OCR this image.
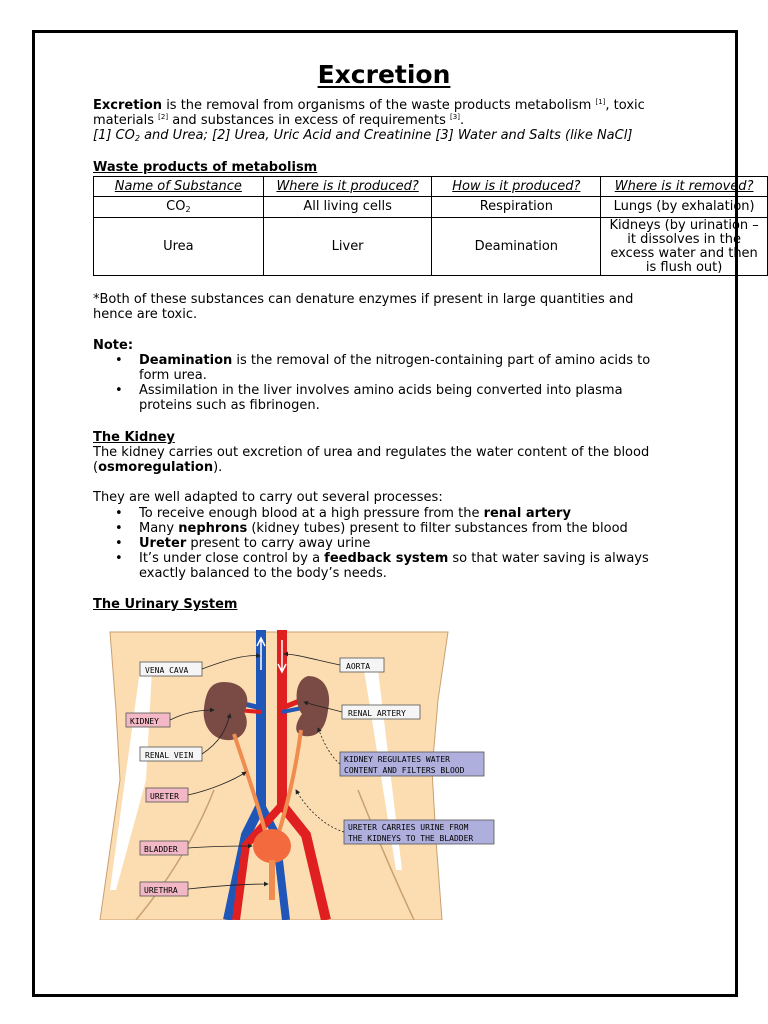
Excretion

Excretion is the removal from organisms of the waste products metabolism [1], toxic

materials [2] and substances in excess of requirements [3].

[1] $CO_2$ and Urea; [2] Urea, Uric Acid and Creatinine [3] Water and Salts (like NaCl]

Waste products of metabolism

Name of Substance	Where is it produced?	How is it produced?	Where is it removed?
$CO_2$	All living cells	Respiration	Lungs (by exhalation)
Urea	Liver	Deamination	Kidneys (by urination – it dissolves in the excess water and then is flush out)

*Both of these substances can denature enzymes if present in large quantities and

hence are toxic.

Note:

• Deamination is the removal of the nitrogen-containing part of amino acids to
form urea.
• Assimilation in the liver involves amino acids being converted into plasma
proteins such as fibrinogen.

The Kidney

The kidney carries out excretion of urea and regulates the water content of the blood

(osmoregulation).

They are well adapted to carry out several processes:

• To receive enough blood at a high pressure from the renal artery
• Many nephrons (kidney tubes) present to filter substances from the blood
• Ureter present to carry away urine
• It’s under close control by a feedback system so that water saving is always
exactly balanced to the body’s needs.

The Urinary System

VENA CAVA
KIDNEY
RENAL VEIN
URETER
BLADDER
URETHRA
AORTA
RENAL ARTERY
KIDNEY REGULATES WATER
CONTENT AND FILTERS BLOOD
URETER CARRIES URINE FROM
THE KIDNEYS TO THE BLADDER
